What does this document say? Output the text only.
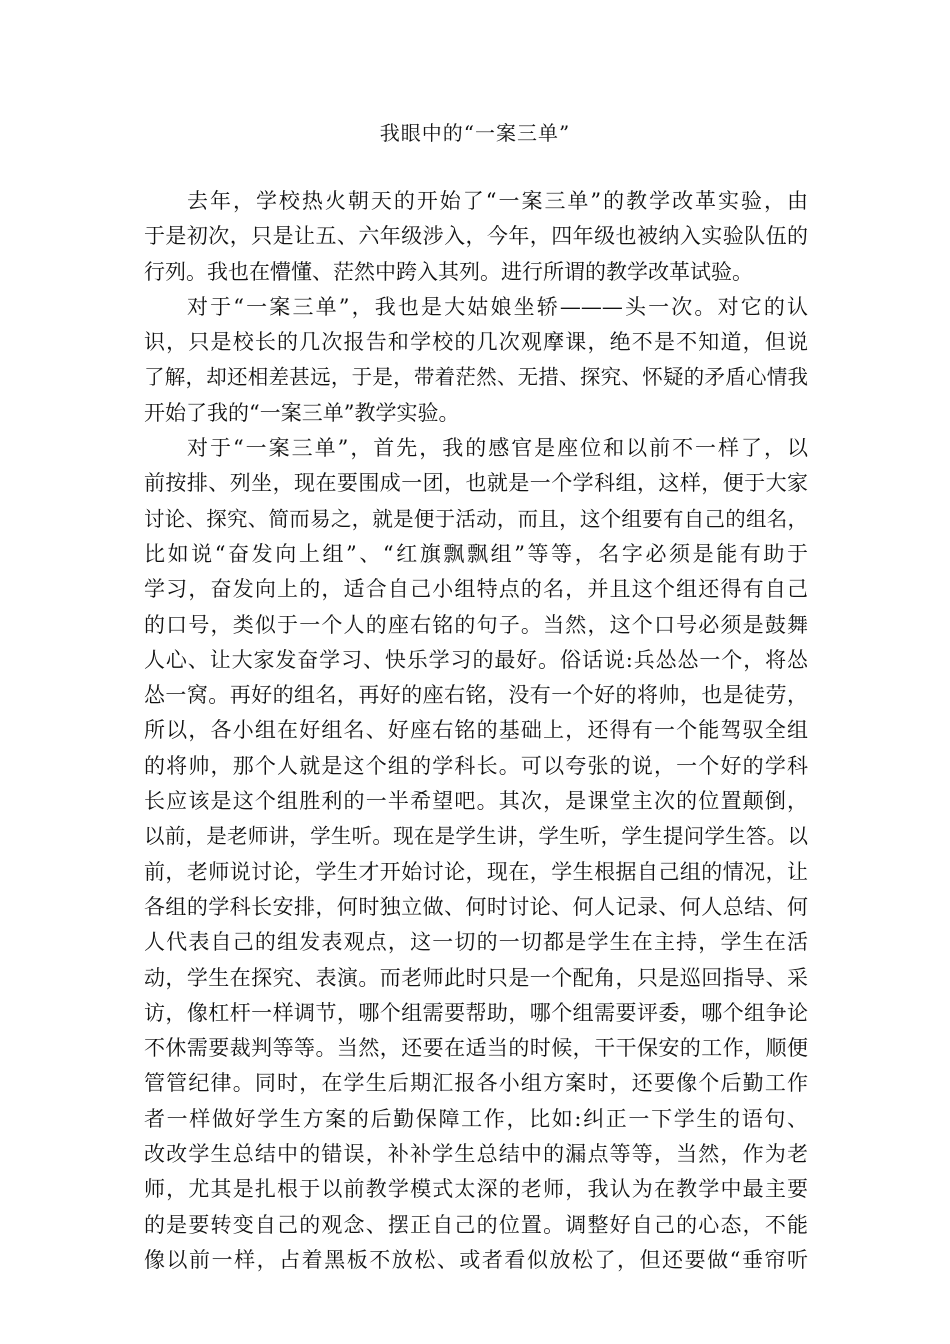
我眼中的“一案三单”
去年，学校热火朝天的开始了“一案三单”的教学改革实验，由
于是初次，只是让五、六年级涉入，今年，四年级也被纳入实验队伍的
行列。我也在懵懂、茫然中跨入其列。进行所谓的教学改革试验。
对于“一案三单”，我也是大姑娘坐轿———头一次。对它的认
识，只是校长的几次报告和学校的几次观摩课，绝不是不知道，但说
了解，却还相差甚远，于是，带着茫然、无措、探究、怀疑的矛盾心情我
开始了我的“一案三单”教学实验。
对于“一案三单”，首先，我的感官是座位和以前不一样了，以
前按排、列坐，现在要围成一团，也就是一个学科组，这样，便于大家
讨论、探究、简而易之，就是便于活动，而且，这个组要有自己的组名，
比如说“奋发向上组”、“红旗飘飘组”等等，名字必须是能有助于
学习，奋发向上的，适合自己小组特点的名，并且这个组还得有自己
的口号，类似于一个人的座右铭的句子。当然，这个口号必须是鼓舞
人心、让大家发奋学习、快乐学习的最好。俗话说:兵怂怂一个，将怂
怂一窝。再好的组名，再好的座右铭，没有一个好的将帅，也是徒劳，
所以，各小组在好组名、好座右铭的基础上，还得有一个能驾驭全组
的将帅，那个人就是这个组的学科长。可以夸张的说，一个好的学科
长应该是这个组胜利的一半希望吧。其次，是课堂主次的位置颠倒，
以前，是老师讲，学生听。现在是学生讲，学生听，学生提问学生答。以
前，老师说讨论，学生才开始讨论，现在，学生根据自己组的情况，让
各组的学科长安排，何时独立做、何时讨论、何人记录、何人总结、何
人代表自己的组发表观点，这一切的一切都是学生在主持，学生在活
动，学生在探究、表演。而老师此时只是一个配角，只是巡回指导、采
访，像杠杆一样调节，哪个组需要帮助，哪个组需要评委，哪个组争论
不休需要裁判等等。当然，还要在适当的时候，干干保安的工作，顺便
管管纪律。同时，在学生后期汇报各小组方案时，还要像个后勤工作
者一样做好学生方案的后勤保障工作，比如:纠正一下学生的语句、
改改学生总结中的错误，补补学生总结中的漏点等等，当然，作为老
师，尤其是扎根于以前教学模式太深的老师，我认为在教学中最主要
的是要转变自己的观念、摆正自己的位置。调整好自己的心态，不能
像以前一样，占着黑板不放松、或者看似放松了，但还要做“垂帘听
